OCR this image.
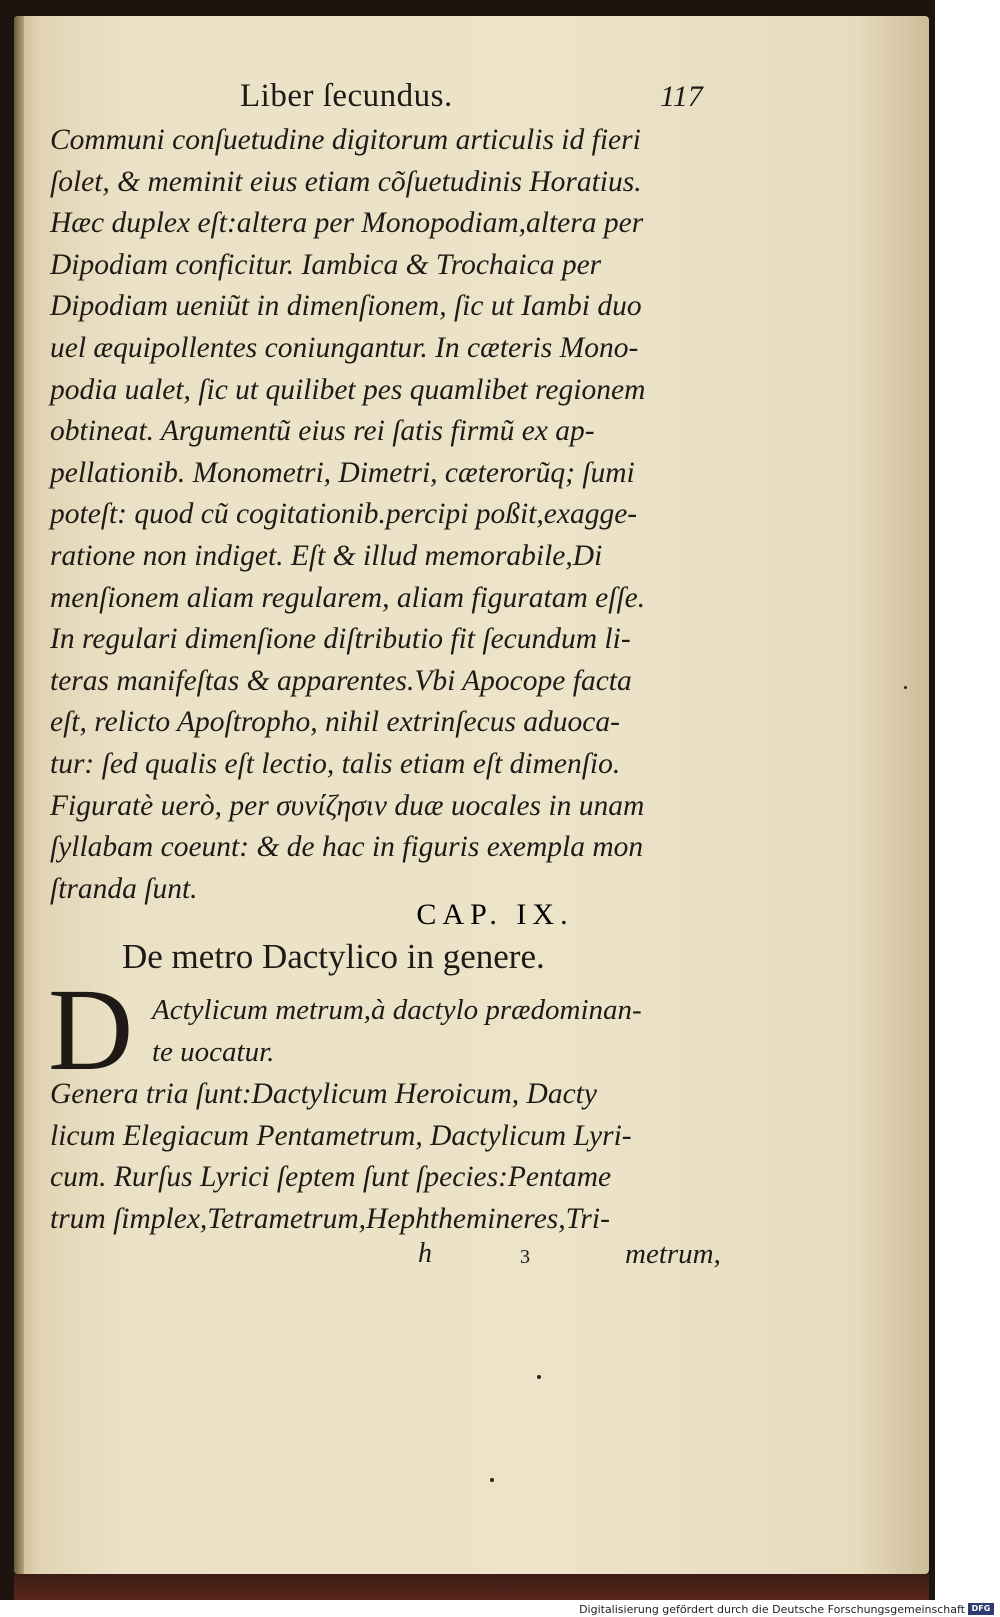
Liber ſecundus.	117
Communi conſuetudine digitorum articulis id fieri
ſolet, & meminit eius etiam cõſuetudinis Horatius.
Hæc duplex eſt:altera per Monopodiam,altera per
Dipodiam conficitur. Iambica & Trochaica per
Dipodiam ueniũt in dimenſionem, ſic ut Iambi duo
uel æquipollentes coniungantur. In cæteris Mono-
podia ualet, ſic ut quilibet pes quamlibet regionem
obtineat. Argumentũ eius rei ſatis firmũ ex ap-
pellationib. Monometri, Dimetri, cæterorũq; ſumi
poteſt: quod cũ cogitationib.percipi poßit,exagge-
ratione non indiget. Eſt & illud memorabile,Di
menſionem aliam regularem, aliam figuratam eſſe.
In regulari dimenſione diſtributio fit ſecundum li-
teras manifeſtas & apparentes.Vbi Apocope facta
eſt, relicto Apoſtropho, nihil extrinſecus aduoca-
tur: ſed qualis eſt lectio, talis etiam eſt dimenſio.
Figuratè uerò, per συνίζησιν duæ uocales in unam
ſyllabam coeunt: & de hac in figuris exempla mon
ſtranda ſunt.
CAP. IX.
De metro Dactylico in genere.
D Actylicum metrum,à dactylo prædominan-
te uocatur.
Genera tria ſunt:Dactylicum Heroicum, Dacty
licum Elegiacum Pentametrum, Dactylicum Lyri-
cum. Rurſus Lyrici ſeptem ſunt ſpecies:Pentame
trum ſimplex,Tetrametrum,Hephthemineres,Tri-
h	3	metrum,
Digitalisierung gefördert durch die Deutsche Forschungsgemeinschaft DFG
